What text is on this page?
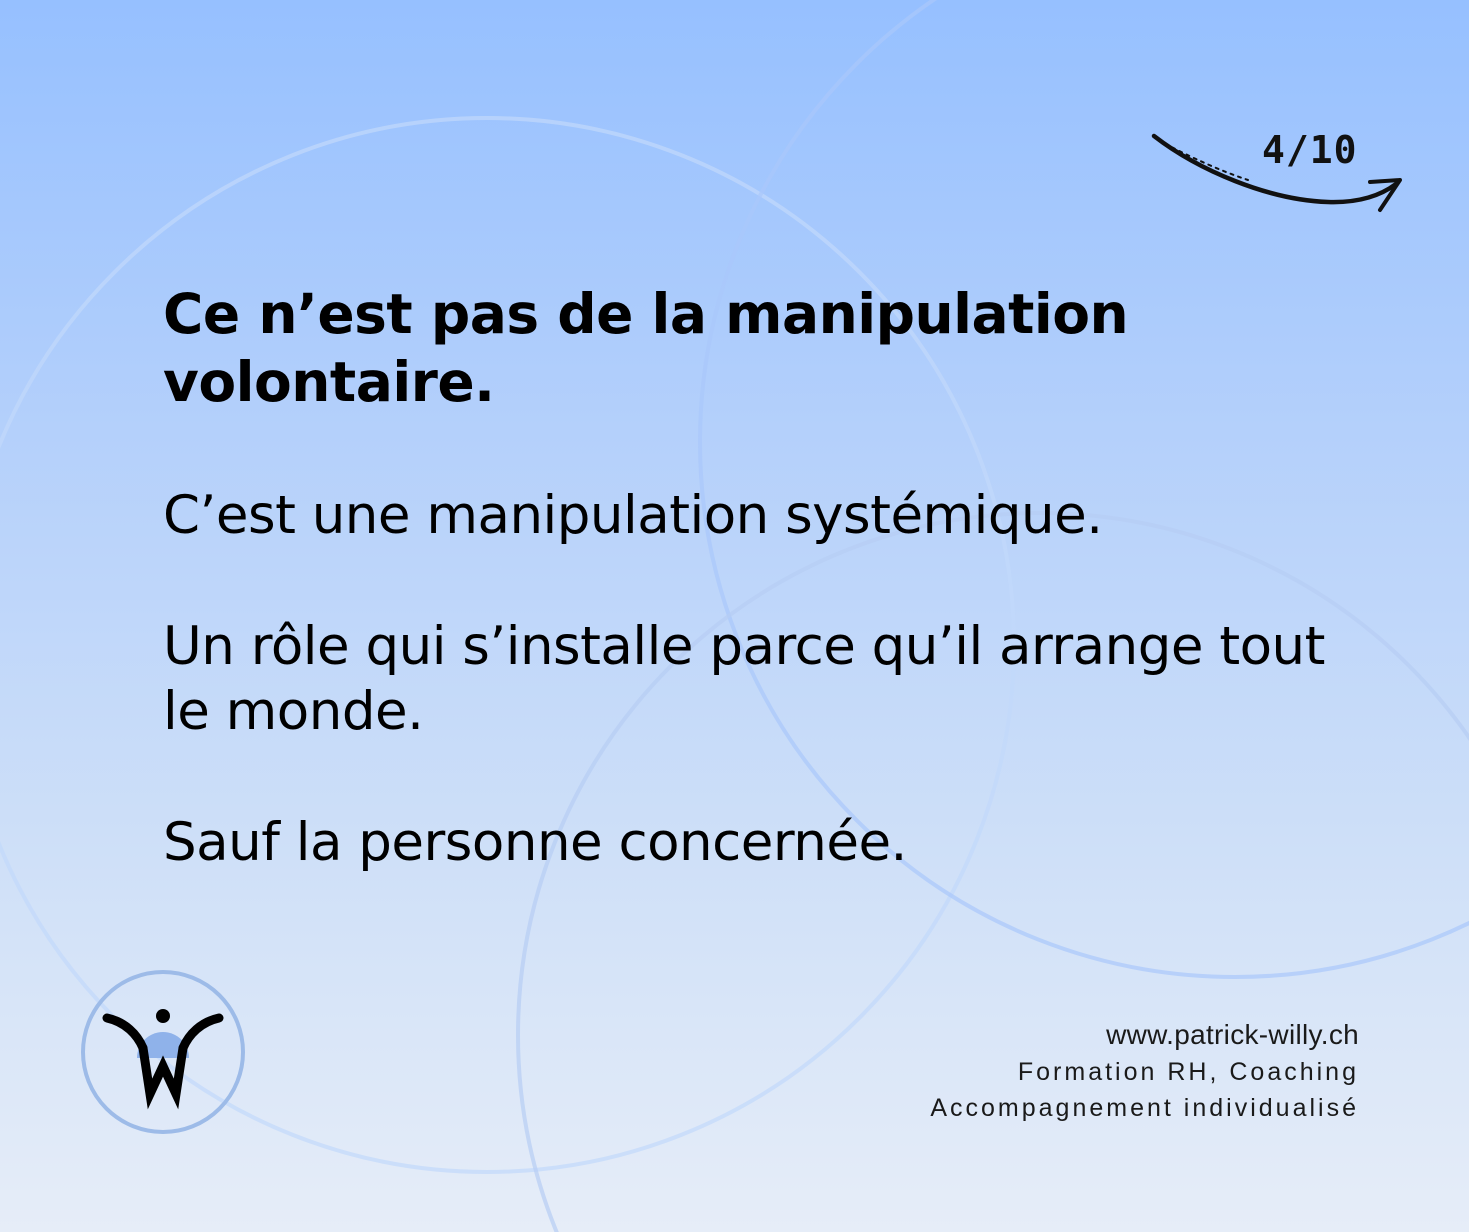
4/10
Ce n’est pas de la manipulation volontaire.

C’est une manipulation systémique.

Un rôle qui s’installe parce qu’il arrange tout le monde.

Sauf la personne concernée.

www.patrick-willy.ch
Formation RH, Coaching
Accompagnement individualisé
